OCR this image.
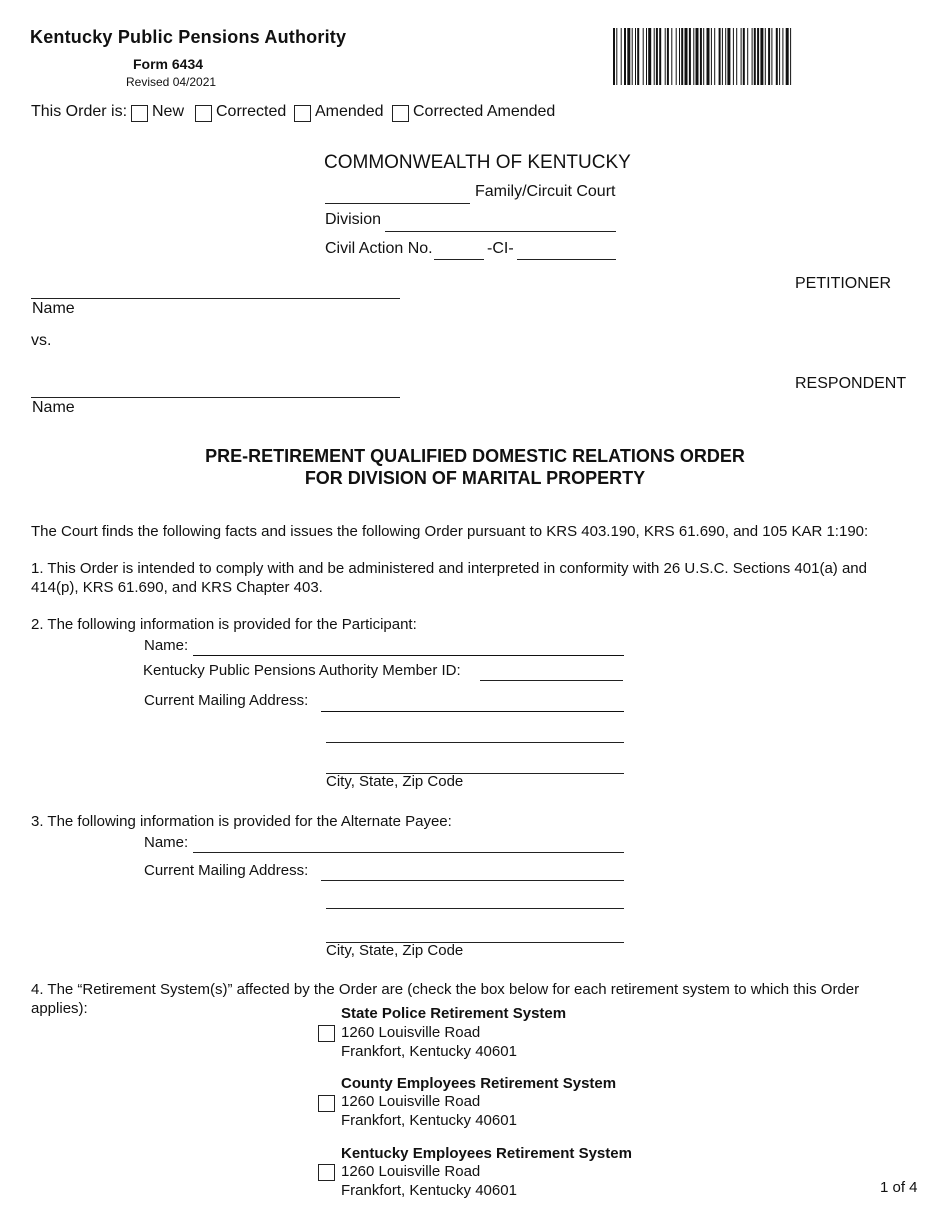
Kentucky Public Pensions Authority
Form 6434
Revised 04/2021
This Order is: New Corrected Amended Corrected Amended
COMMONWEALTH OF KENTUCKY
Family/Circuit Court
Division
Civil Action No.	-CI-
PETITIONER
Name
vs.
RESPONDENT
Name
PRE-RETIREMENT QUALIFIED DOMESTIC RELATIONS ORDER
FOR DIVISION OF MARITAL PROPERTY
The Court finds the following facts and issues the following Order pursuant to KRS 403.190, KRS 61.690, and 105 KAR 1:190:
1. This Order is intended to comply with and be administered and interpreted in conformity with 26 U.S.C. Sections 401(a) and 414(p), KRS 61.690, and KRS Chapter 403.
2. The following information is provided for the Participant:
Name:
Kentucky Public Pensions Authority Member ID:
Current Mailing Address:
City, State, Zip Code
3. The following information is provided for the Alternate Payee:
Name:
Current Mailing Address:
City, State, Zip Code
4. The “Retirement System(s)” affected by the Order are (check the box below for each retirement system to which this Order applies):	State Police Retirement System
1260 Louisville Road
Frankfort, Kentucky 40601
County Employees Retirement System
1260 Louisville Road
Frankfort, Kentucky 40601
Kentucky Employees Retirement System
1260 Louisville Road
Frankfort, Kentucky 40601	1 of 4
